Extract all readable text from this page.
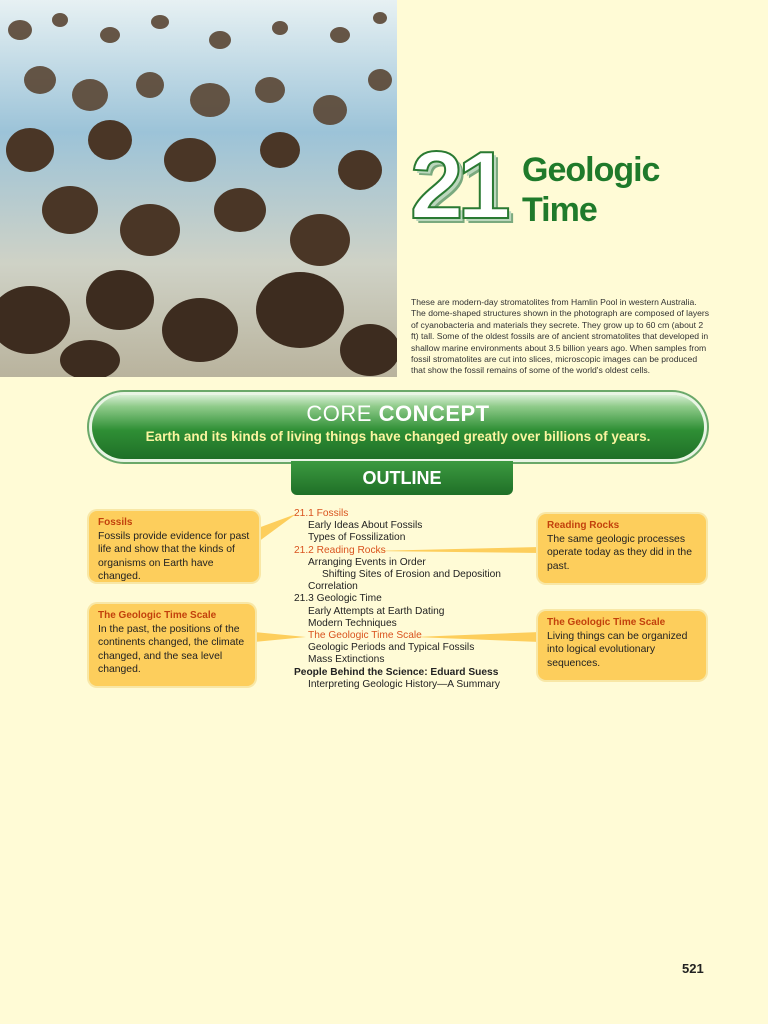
21 Geologic
Time
These are modern-day stromatolites from Hamlin Pool in western Australia. The dome-shaped structures shown in the photograph are composed of layers of cyanobacteria and materials they secrete. They grow up to 60 cm (about 2 ft) tall. Some of the oldest fossils are of ancient stromatolites that developed in shallow marine environments about 3.5 billion years ago. When samples from fossil stromatolites are cut into slices, microscopic images can be produced that show the fossil remains of some of the world's oldest cells.
CORE CONCEPT
Earth and its kinds of living things have changed greatly over billions of years.
OUTLINE
Fossils
Fossils provide evidence for past life and show that the kinds of organisms on Earth have changed.
The Geologic Time Scale
In the past, the positions of the continents changed, the climate changed, and the sea level changed.
Reading Rocks
The same geologic processes operate today as they did in the past.
The Geologic Time Scale
Living things can be organized into logical evolutionary sequences.
21.1 Fossils
Early Ideas About Fossils
Types of Fossilization
21.2 Reading Rocks
Arranging Events in Order
Shifting Sites of Erosion and Deposition
Correlation
21.3 Geologic Time
Early Attempts at Earth Dating
Modern Techniques
The Geologic Time Scale
Geologic Periods and Typical Fossils
Mass Extinctions
People Behind the Science: Eduard Suess
Interpreting Geologic History—A Summary
521
